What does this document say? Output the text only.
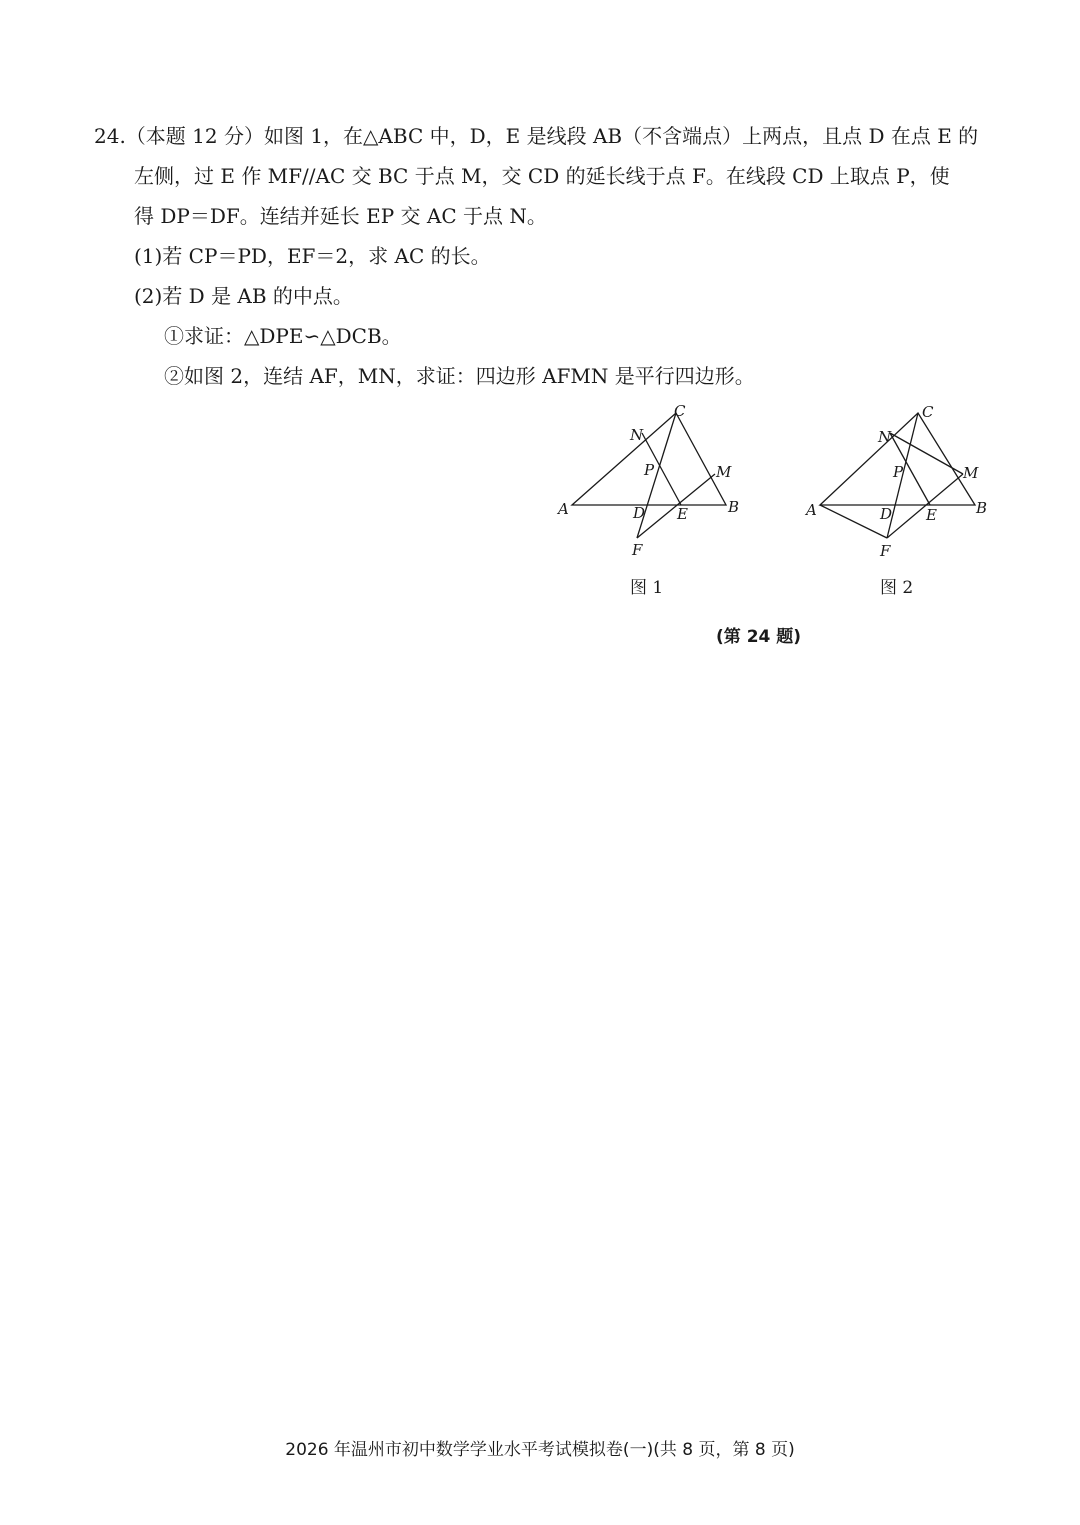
24.（本题 12 分）如图 1，在△ABC 中，D，E 是线段 AB（不含端点）上两点，且点 D 在点 E 的
左侧，过 E 作 MF//AC 交 BC 于点 M，交 CD 的延长线于点 F。在线段 CD 上取点 P，使
得 DP＝DF。连结并延长 EP 交 AC 于点 N。
(1)若 CP＝PD，EF＝2，求 AC 的长。
(2)若 D 是 AB 的中点。
①求证：△DPE∽△DCB。
②如图 2，连结 AF，MN，求证：四边形 AFMN 是平行四边形。
C
N
P	M
A	D E	B
F
C
N
P	M
A	D E	B
F
图 1	图 2
(第 24 题)
2026 年温州市初中数学学业水平考试模拟卷(一)(共 8 页，第 8 页)
